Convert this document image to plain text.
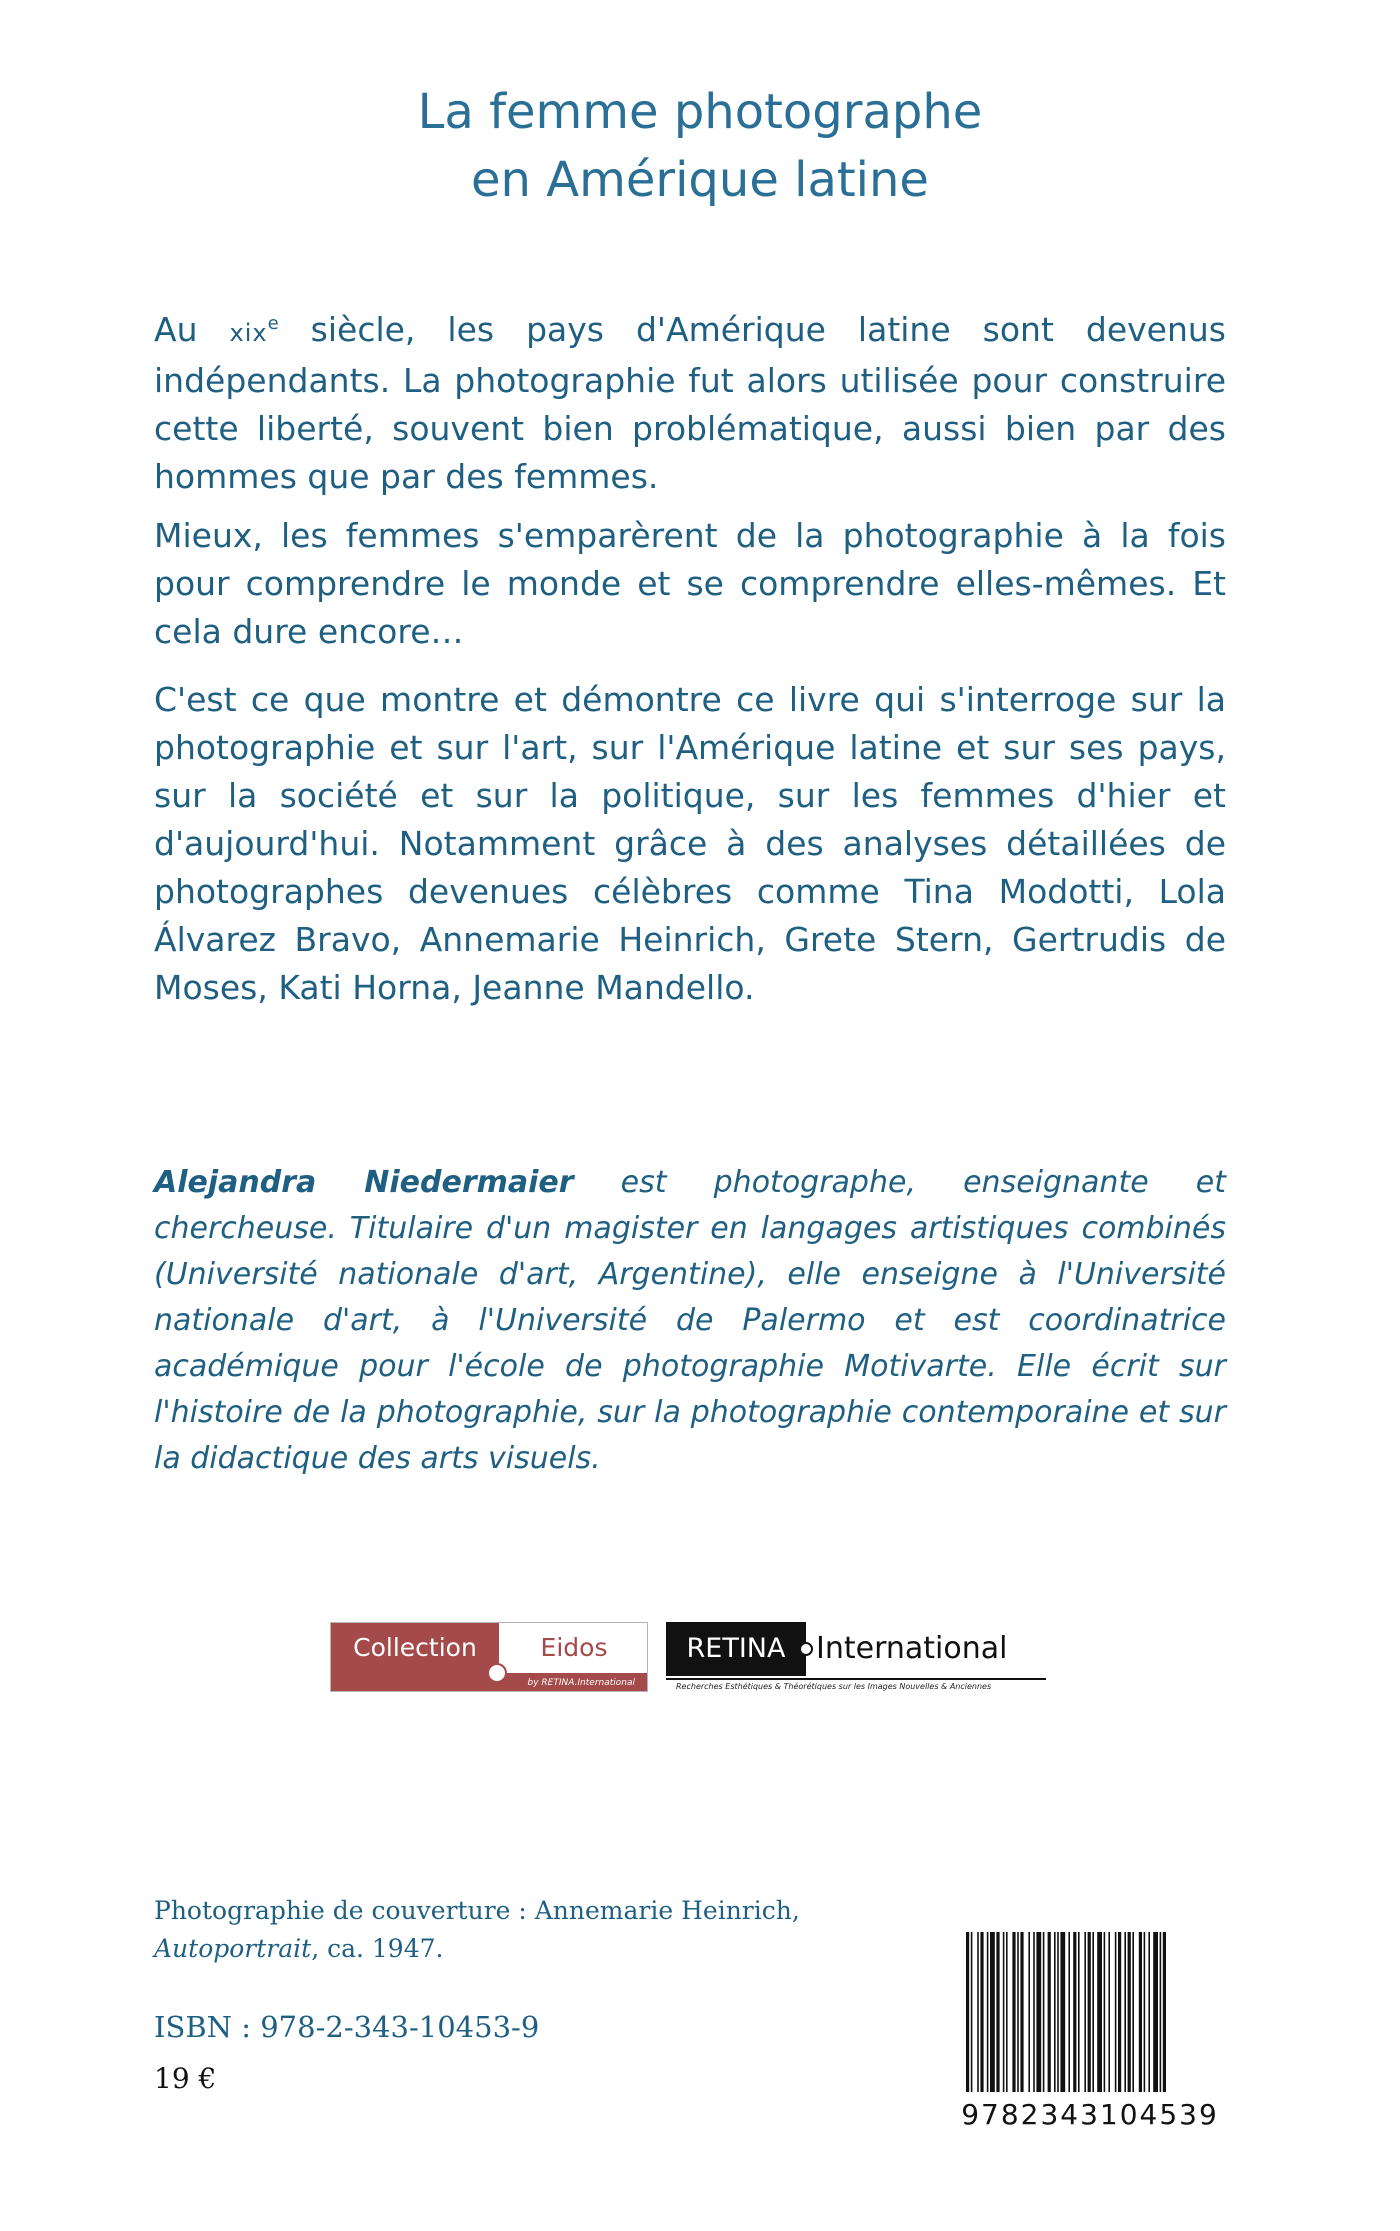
La femme photographe
en Amérique latine

Au xix$^e$ siècle, les pays d'Amérique latine sont devenus indépendants. La photographie fut alors utilisée pour construire cette liberté, souvent bien problématique, aussi bien par des hommes que par des femmes.

Mieux, les femmes s'emparèrent de la photographie à la fois pour comprendre le monde et se comprendre elles-mêmes. Et cela dure encore…

C'est ce que montre et démontre ce livre qui s'interroge sur la photographie et sur l'art, sur l'Amérique latine et sur ses pays, sur la société et sur la politique, sur les femmes d'hier et d'aujourd'hui. Notamment grâce à des analyses détaillées de photographes devenues célèbres comme Tina Modotti, Lola Álvarez Bravo, Annemarie Heinrich, Grete Stern, Gertrudis de Moses, Kati Horna, Jeanne Mandello.

Alejandra Niedermaier est photographe, enseignante et chercheuse. Titulaire d'un magister en langages artistiques combinés (Université nationale d'art, Argentine), elle enseigne à l'Université nationale d'art, à l'Université de Palermo et est coordinatrice académique pour l'école de photographie Motivarte. Elle écrit sur l'histoire de la photographie, sur la photographie contemporaine et sur la didactique des arts visuels.

Collection	Eidos
by RETINA.International
RETINA	International
Recherches Esthétiques & Théorétiques sur les Images Nouvelles & Anciennes
Photographie de couverture : Annemarie Heinrich,
Autoportrait, ca. 1947.
ISBN : 978-2-343-10453-9
19 €
9782343104539
